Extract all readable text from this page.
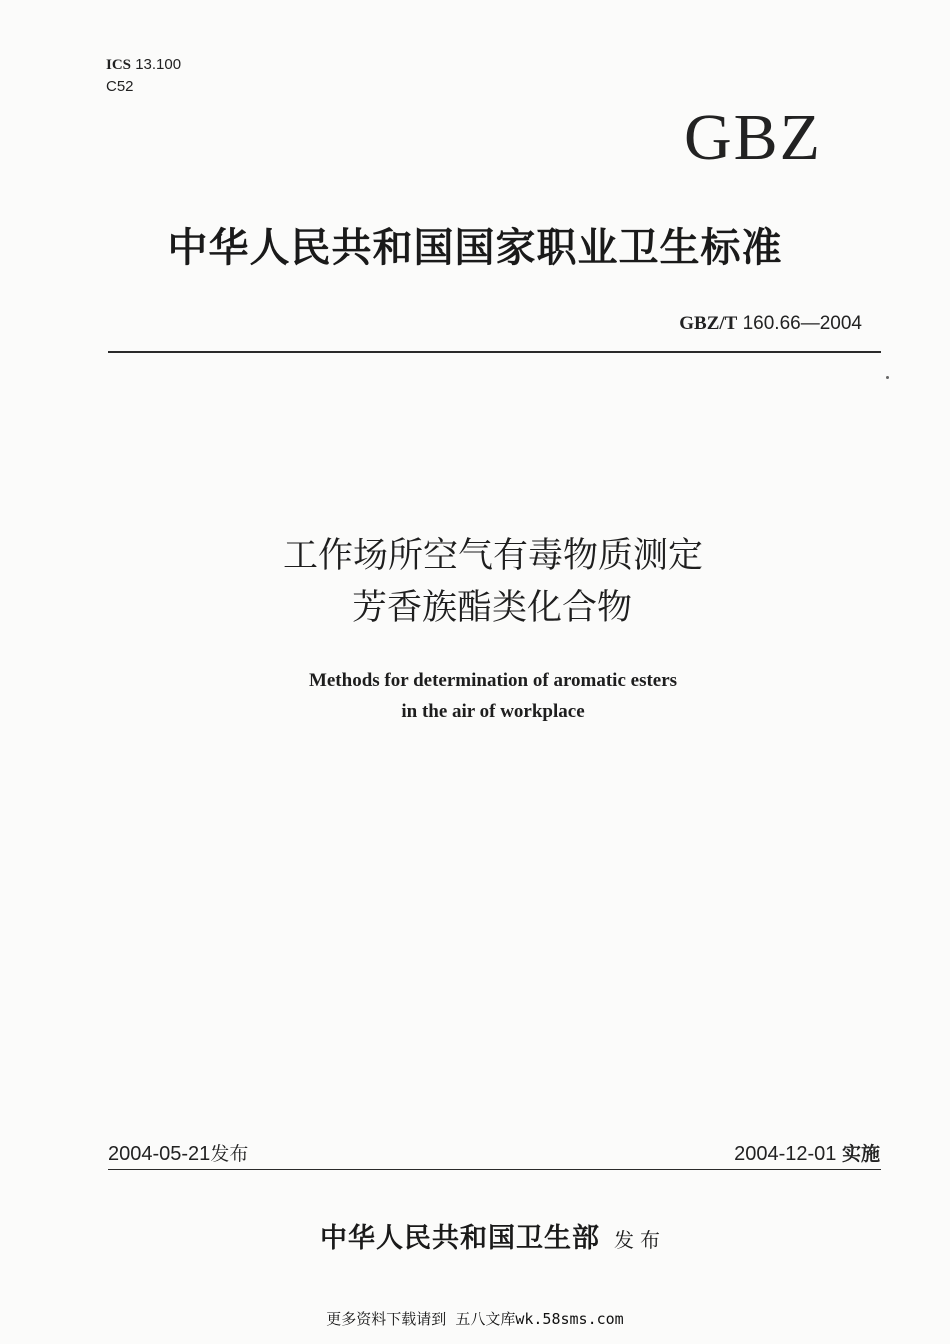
ICS 13.100
C52
GBZ
中华人民共和国国家职业卫生标准
GBZ/T 160.66—2004
工作场所空气有毒物质测定
芳香族酯类化合物
Methods for determination of aromatic esters
in the air of workplace
2004-05-21发布	2004-12-01 实施
中华人民共和国卫生部 发布
更多资料下载请到 五八文库wk.58sms.com
